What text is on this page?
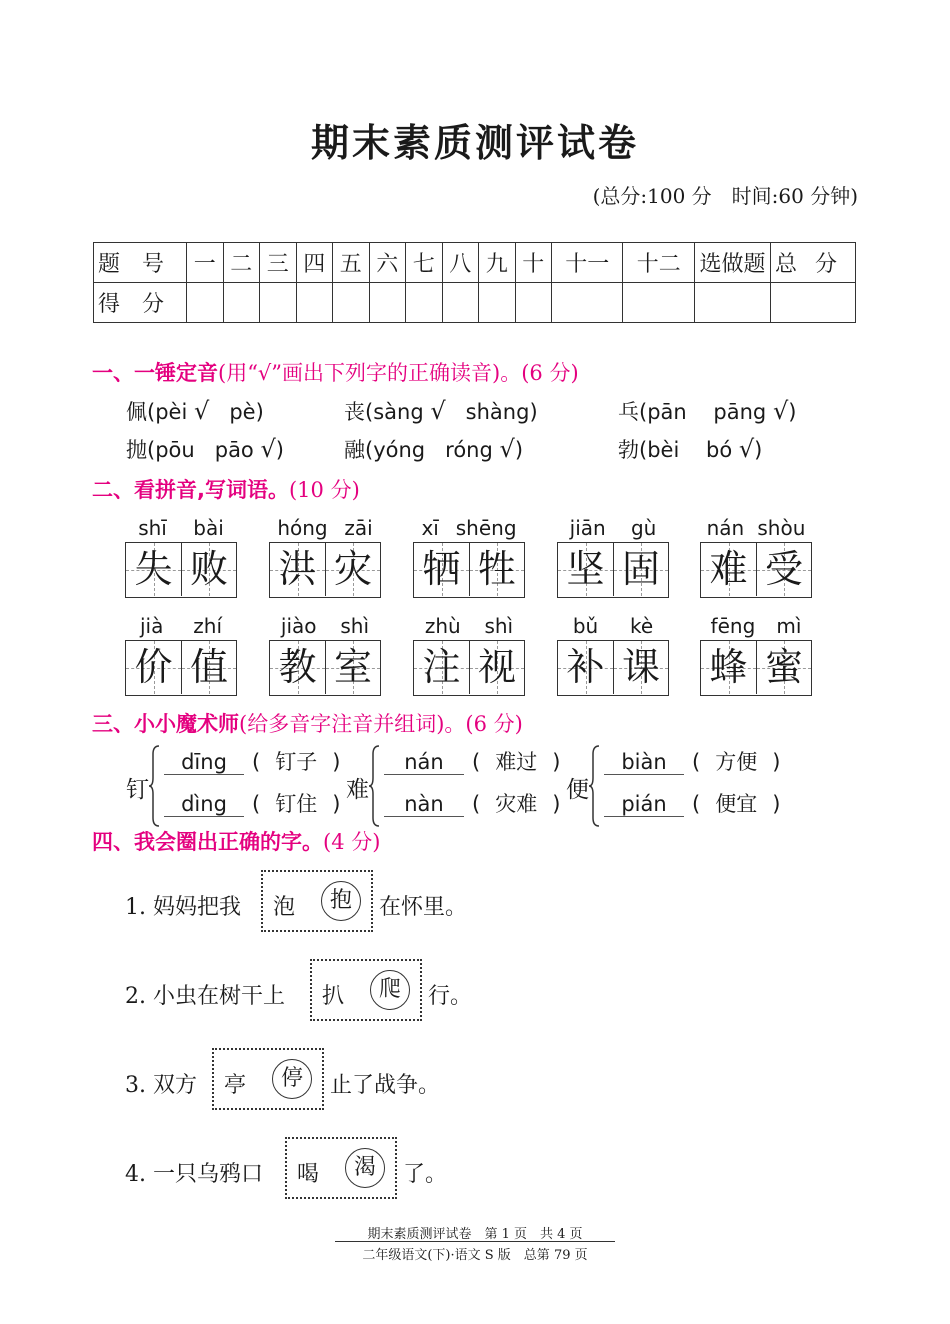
期末素质测评试卷
(总分:100 分　时间:60 分钟)
题号	一	二	三	四	五	六	七	八	九	十	十一	十二	选做题	总分
得分														
一、一锤定音(用“√”画出下列字的正确读音)。(6 分)
佩(pèi √ pè)	丧(sàng √ shàng)	乓(pān pāng √)
抛(pōu pāo √)	融(yóng róng √)	勃(bèi bó √)
二、看拼音,写词语。(10 分)
shī bài
失 败
hóng zāi
洪 灾
xī shēng
牺 牲
jiān gù
坚 固
nán shòu
难 受
jià zhí
价 值
jiào shì
教 室
zhù shì
注 视
bǔ kè
补 课
fēng mì
蜂 蜜
三、小小魔术师(给多音字注音并组词)。(6 分)
钉
dīng ( 钉子 )
dìng ( 钉住 )
难
nán ( 难过 )
nàn ( 灾难 )
便
biàn ( 方便 )
pián ( 便宜 )
四、我会圈出正确的字。(4 分)
1. 妈妈把我 泡	抱	在怀里。
2. 小虫在树干上 扒	爬	行。
3. 双方 亭	停	止了战争。
4. 一只乌鸦口 喝	渴	了。
期末素质测评试卷　第 1 页　共 4 页
二年级语文(下)·语文 S 版　总第 79 页
